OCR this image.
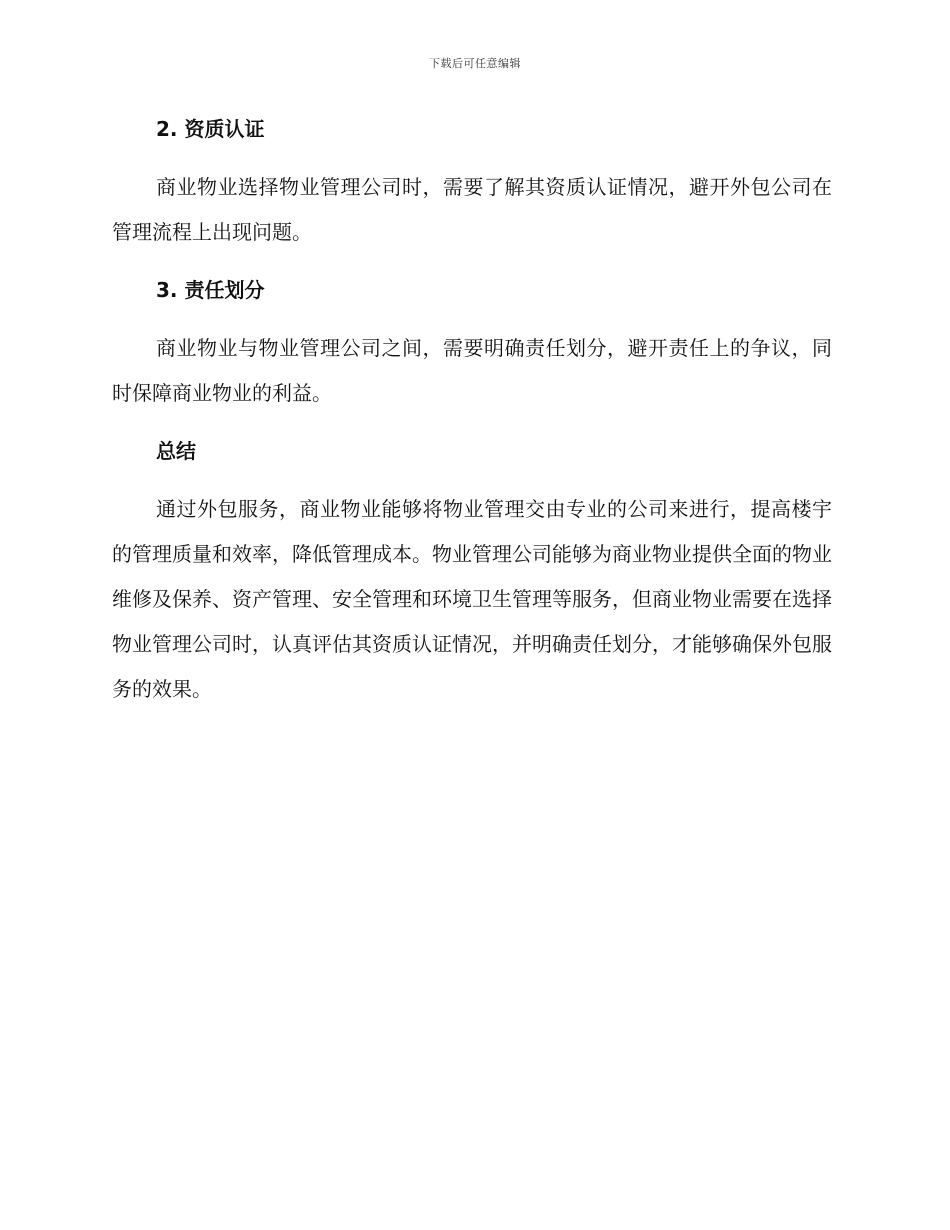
下载后可任意编辑
2. 资质认证

商业物业选择物业管理公司时，需要了解其资质认证情况，避开外包公司在管理流程上出现问题。

3. 责任划分

商业物业与物业管理公司之间，需要明确责任划分，避开责任上的争议，同时保障商业物业的利益。

总结

通过外包服务，商业物业能够将物业管理交由专业的公司来进行，提高楼宇的管理质量和效率，降低管理成本。物业管理公司能够为商业物业提供全面的物业维修及保养、资产管理、安全管理和环境卫生管理等服务，但商业物业需要在选择物业管理公司时，认真评估其资质认证情况，并明确责任划分，才能够确保外包服务的效果。
